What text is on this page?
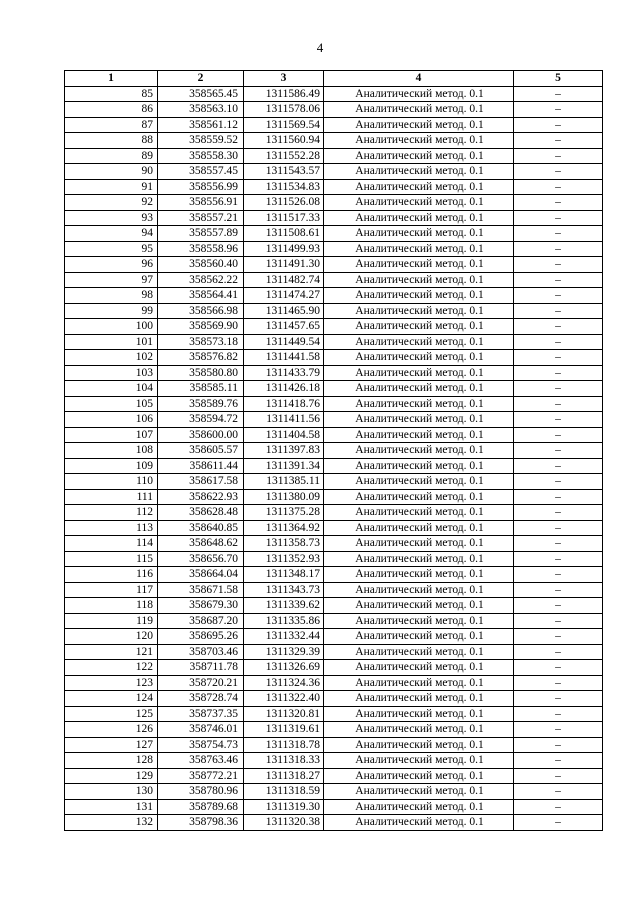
4
1	2	3	4	5
85	358565.45	1311586.49	Аналитический метод. 0.1	–
86	358563.10	1311578.06	Аналитический метод. 0.1	–
87	358561.12	1311569.54	Аналитический метод. 0.1	–
88	358559.52	1311560.94	Аналитический метод. 0.1	–
89	358558.30	1311552.28	Аналитический метод. 0.1	–
90	358557.45	1311543.57	Аналитический метод. 0.1	–
91	358556.99	1311534.83	Аналитический метод. 0.1	–
92	358556.91	1311526.08	Аналитический метод. 0.1	–
93	358557.21	1311517.33	Аналитический метод. 0.1	–
94	358557.89	1311508.61	Аналитический метод. 0.1	–
95	358558.96	1311499.93	Аналитический метод. 0.1	–
96	358560.40	1311491.30	Аналитический метод. 0.1	–
97	358562.22	1311482.74	Аналитический метод. 0.1	–
98	358564.41	1311474.27	Аналитический метод. 0.1	–
99	358566.98	1311465.90	Аналитический метод. 0.1	–
100	358569.90	1311457.65	Аналитический метод. 0.1	–
101	358573.18	1311449.54	Аналитический метод. 0.1	–
102	358576.82	1311441.58	Аналитический метод. 0.1	–
103	358580.80	1311433.79	Аналитический метод. 0.1	–
104	358585.11	1311426.18	Аналитический метод. 0.1	–
105	358589.76	1311418.76	Аналитический метод. 0.1	–
106	358594.72	1311411.56	Аналитический метод. 0.1	–
107	358600.00	1311404.58	Аналитический метод. 0.1	–
108	358605.57	1311397.83	Аналитический метод. 0.1	–
109	358611.44	1311391.34	Аналитический метод. 0.1	–
110	358617.58	1311385.11	Аналитический метод. 0.1	–
111	358622.93	1311380.09	Аналитический метод. 0.1	–
112	358628.48	1311375.28	Аналитический метод. 0.1	–
113	358640.85	1311364.92	Аналитический метод. 0.1	–
114	358648.62	1311358.73	Аналитический метод. 0.1	–
115	358656.70	1311352.93	Аналитический метод. 0.1	–
116	358664.04	1311348.17	Аналитический метод. 0.1	–
117	358671.58	1311343.73	Аналитический метод. 0.1	–
118	358679.30	1311339.62	Аналитический метод. 0.1	–
119	358687.20	1311335.86	Аналитический метод. 0.1	–
120	358695.26	1311332.44	Аналитический метод. 0.1	–
121	358703.46	1311329.39	Аналитический метод. 0.1	–
122	358711.78	1311326.69	Аналитический метод. 0.1	–
123	358720.21	1311324.36	Аналитический метод. 0.1	–
124	358728.74	1311322.40	Аналитический метод. 0.1	–
125	358737.35	1311320.81	Аналитический метод. 0.1	–
126	358746.01	1311319.61	Аналитический метод. 0.1	–
127	358754.73	1311318.78	Аналитический метод. 0.1	–
128	358763.46	1311318.33	Аналитический метод. 0.1	–
129	358772.21	1311318.27	Аналитический метод. 0.1	–
130	358780.96	1311318.59	Аналитический метод. 0.1	–
131	358789.68	1311319.30	Аналитический метод. 0.1	–
132	358798.36	1311320.38	Аналитический метод. 0.1	–
